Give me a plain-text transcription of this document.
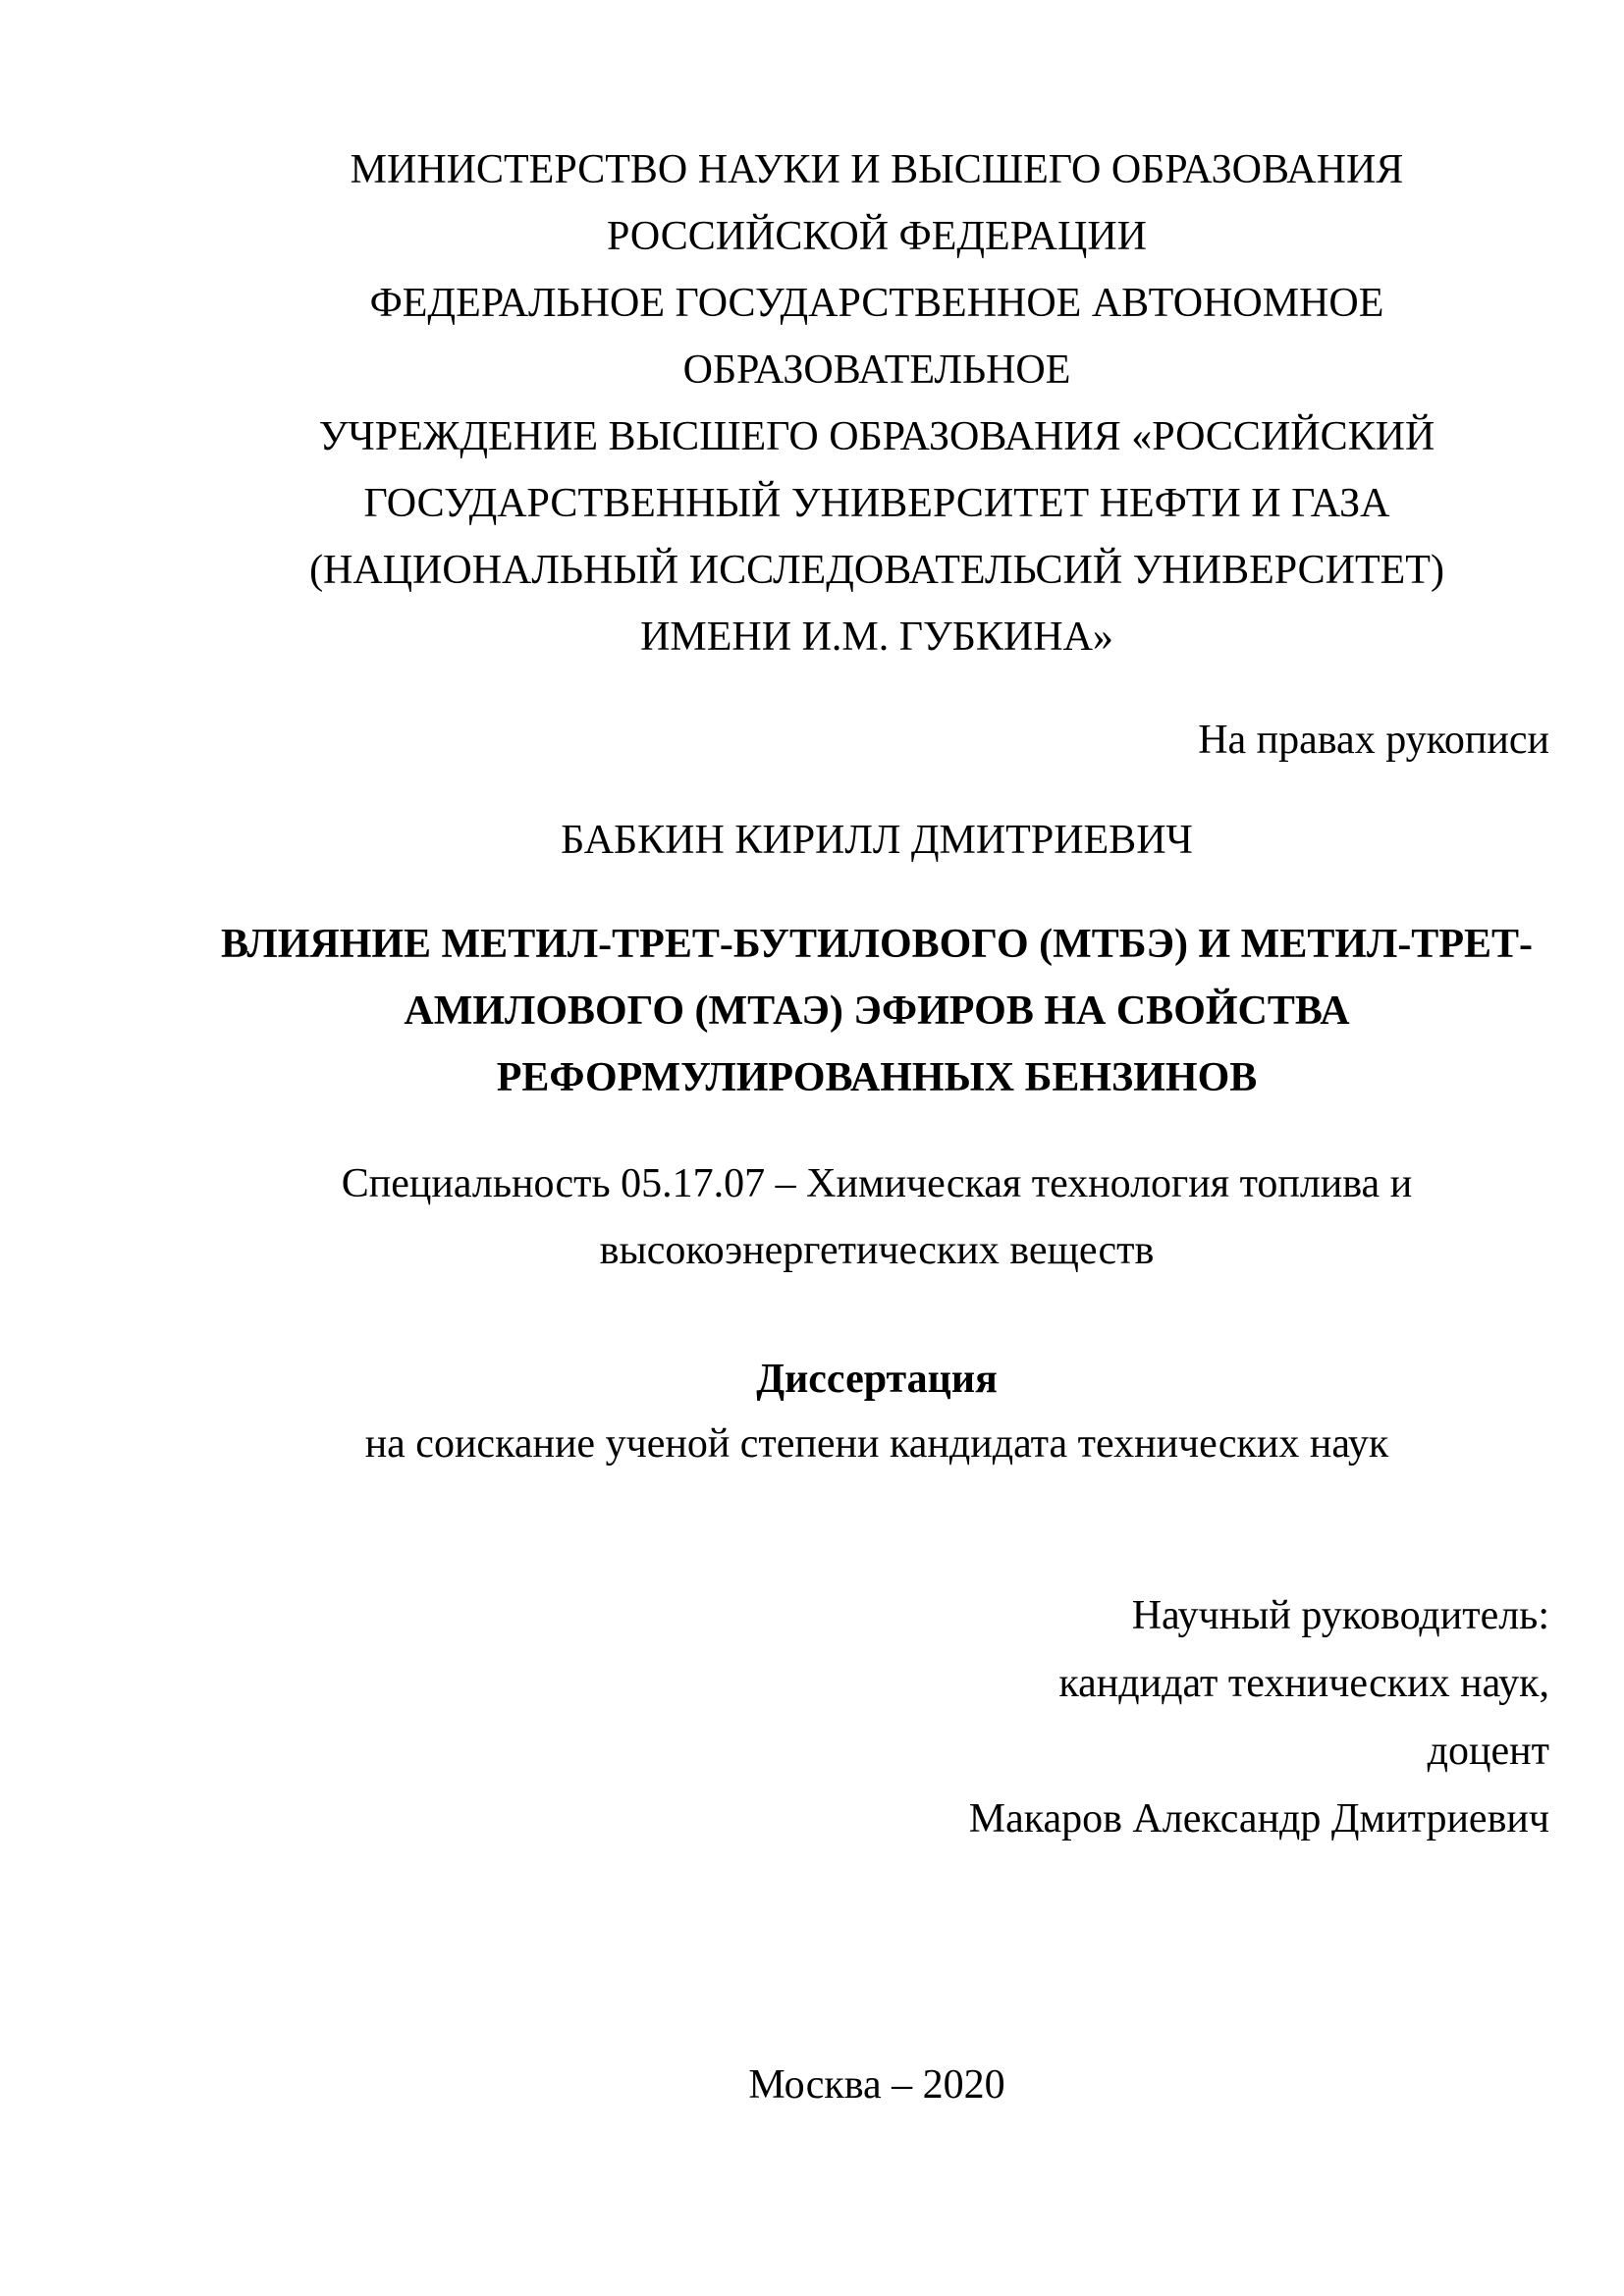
МИНИСТЕРСТВО НАУКИ И ВЫСШЕГО ОБРАЗОВАНИЯ
РОССИЙСКОЙ ФЕДЕРАЦИИ
ФЕДЕРАЛЬНОЕ ГОСУДАРСТВЕННОЕ АВТОНОМНОЕ ОБРАЗОВАТЕЛЬНОЕ
УЧРЕЖДЕНИЕ ВЫСШЕГО ОБРАЗОВАНИЯ «РОССИЙСКИЙ
ГОСУДАРСТВЕННЫЙ УНИВЕРСИТЕТ НЕФТИ И ГАЗА
(НАЦИОНАЛЬНЫЙ ИССЛЕДОВАТЕЛЬСИЙ УНИВЕРСИТЕТ)
ИМЕНИ И.М. ГУБКИНА»
На правах рукописи
БАБКИН КИРИЛЛ ДМИТРИЕВИЧ
ВЛИЯНИЕ МЕТИЛ-ТРЕТ-БУТИЛОВОГО (МТБЭ) И МЕТИЛ-ТРЕТ-
АМИЛОВОГО (МТАЭ) ЭФИРОВ НА СВОЙСТВА
РЕФОРМУЛИРОВАННЫХ БЕНЗИНОВ
Специальность 05.17.07 – Химическая технология топлива и
высокоэнергетических веществ
Диссертация
на соискание ученой степени кандидата технических наук
Научный руководитель:
кандидат технических наук,
доцент
Макаров Александр Дмитриевич
Москва – 2020
